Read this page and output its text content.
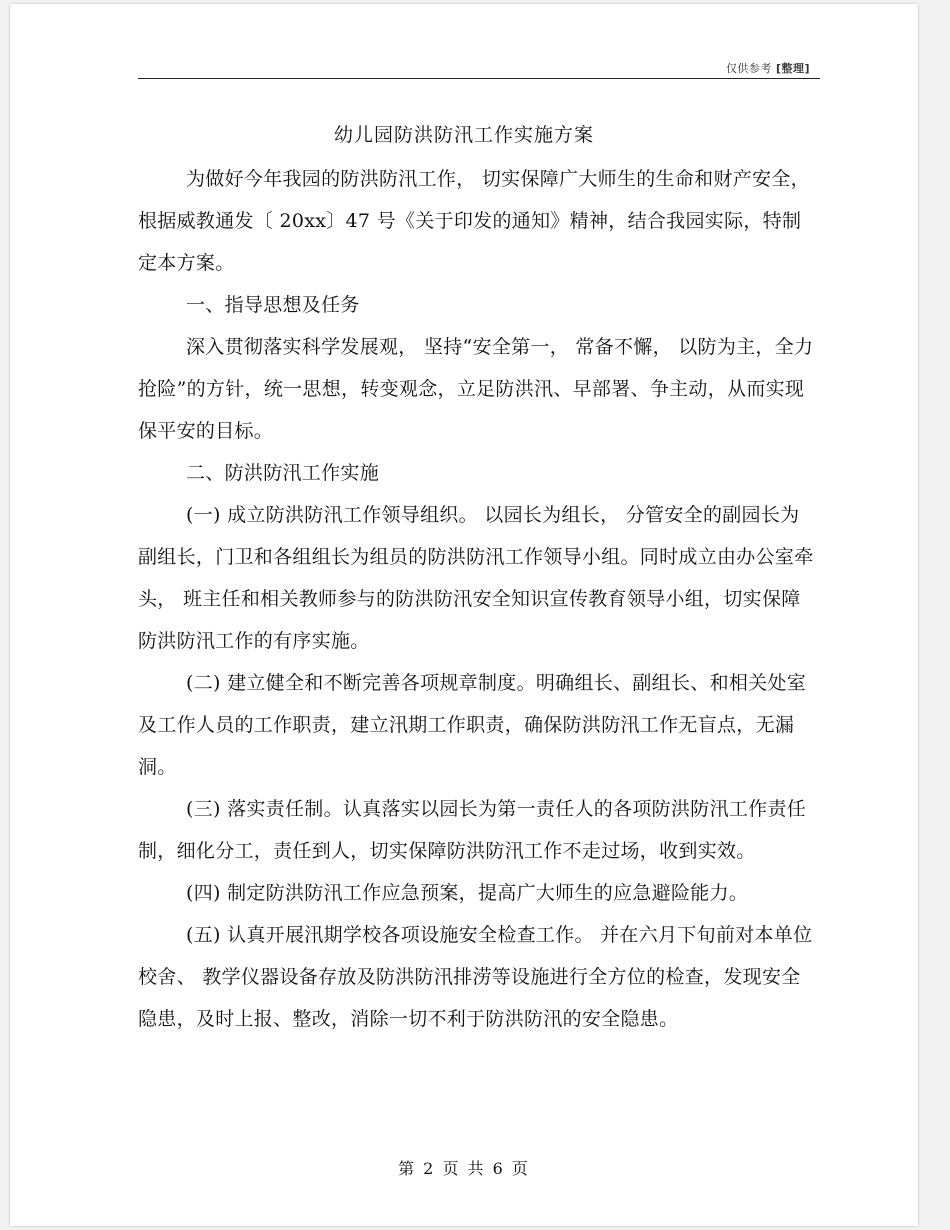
仅供参考 [整理]
幼儿园防洪防汛工作实施方案

为做好今年我园的防洪防汛工作， 切实保障广大师生的生命和财产安全，根据威教通发〔 20xx〕47 号《关于印发的通知》精神，结合我园实际，特制定本方案。

一、指导思想及任务

深入贯彻落实科学发展观， 坚持“安全第一， 常备不懈， 以防为主，全力抢险”的方针，统一思想，转变观念，立足防洪汛、早部署、争主动，从而实现保平安的目标。

二、防洪防汛工作实施

(一) 成立防洪防汛工作领导组织。 以园长为组长， 分管安全的副园长为副组长，门卫和各组组长为组员的防洪防汛工作领导小组。同时成立由办公室牵头， 班主任和相关教师参与的防洪防汛安全知识宣传教育领导小组，切实保障防洪防汛工作的有序实施。

(二) 建立健全和不断完善各项规章制度。明确组长、副组长、和相关处室及工作人员的工作职责，建立汛期工作职责，确保防洪防汛工作无盲点，无漏洞。

(三) 落实责任制。认真落实以园长为第一责任人的各项防洪防汛工作责任制，细化分工，责任到人，切实保障防洪防汛工作不走过场，收到实效。

(四) 制定防洪防汛工作应急预案，提高广大师生的应急避险能力。

(五) 认真开展汛期学校各项设施安全检查工作。 并在六月下旬前对本单位校舍、 教学仪器设备存放及防洪防汛排涝等设施进行全方位的检查，发现安全隐患，及时上报、整改，消除一切不利于防洪防汛的安全隐患。

第 2 页 共 6 页
